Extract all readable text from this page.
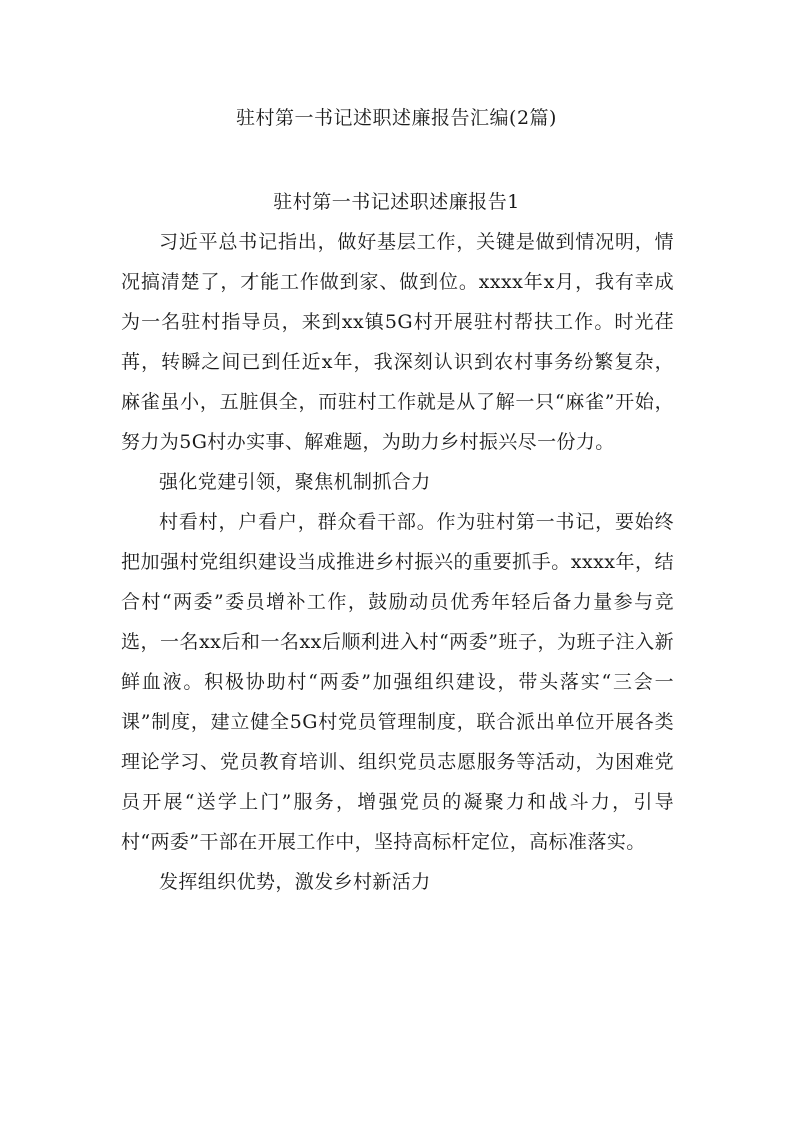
驻村第一书记述职述廉报告汇编(2篇)
驻村第一书记述职述廉报告1

习近平总书记指出，做好基层工作，关键是做到情况明，情况搞清楚了，才能工作做到家、做到位。xxxx年x月，我有幸成为一名驻村指导员，来到xx镇5G村开展驻村帮扶工作。时光荏苒，转瞬之间已到任近x年，我深刻认识到农村事务纷繁复杂，麻雀虽小，五脏俱全，而驻村工作就是从了解一只“麻雀”开始，努力为5G村办实事、解难题，为助力乡村振兴尽一份力。

强化党建引领，聚焦机制抓合力

村看村，户看户，群众看干部。作为驻村第一书记，要始终把加强村党组织建设当成推进乡村振兴的重要抓手。xxxx年，结合村“两委”委员增补工作，鼓励动员优秀年轻后备力量参与竞选，一名xx后和一名xx后顺利进入村“两委”班子，为班子注入新鲜血液。积极协助村“两委”加强组织建设，带头落实“三会一课”制度，建立健全5G村党员管理制度，联合派出单位开展各类理论学习、党员教育培训、组织党员志愿服务等活动，为困难党员开展“送学上门”服务，增强党员的凝聚力和战斗力，引导村“两委”干部在开展工作中，坚持高标杆定位，高标准落实。

发挥组织优势，激发乡村新活力
